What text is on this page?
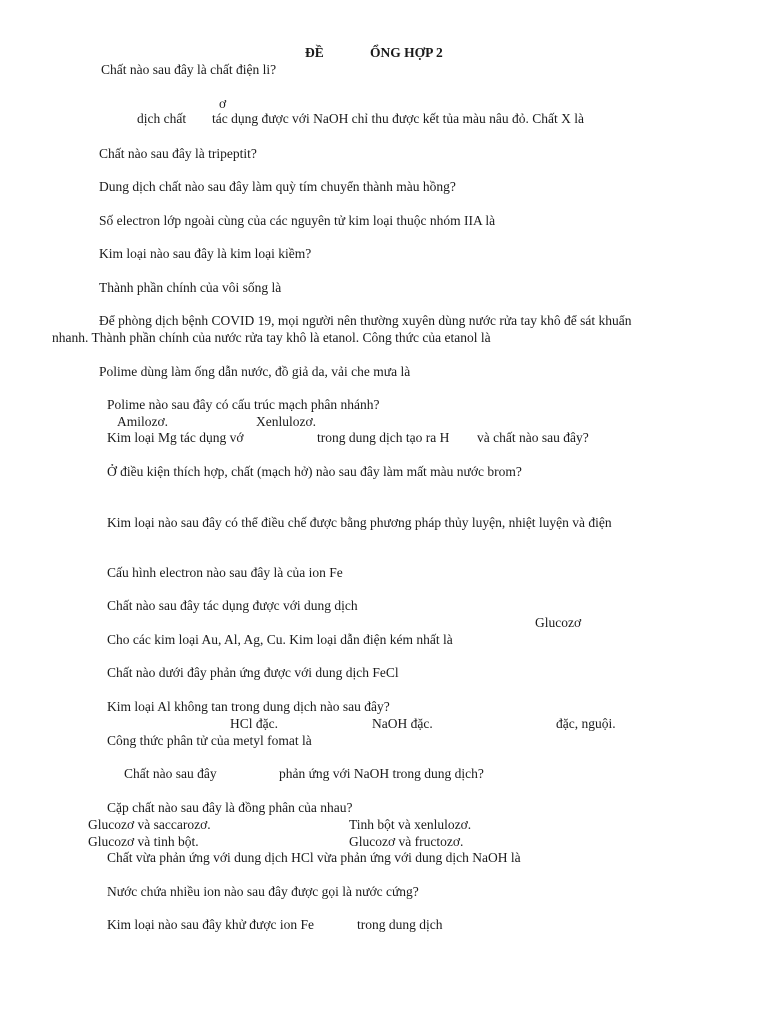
ĐỀ	ỔNG HỢP 2
Chất nào sau đây là chất điện li?
ơ
dịch chất tác dụng được với NaOH chỉ thu được kết tủa màu nâu đỏ. Chất X là
Chất nào sau đây là tripeptit?
Dung dịch chất nào sau đây làm quỳ tím chuyển thành màu hồng?
Số electron lớp ngoài cùng của các nguyên tử kim loại thuộc nhóm IIA là
Kim loại nào sau đây là kim loại kiềm?
Thành phần chính của vôi sống là
Để phòng dịch bệnh COVID 19, mọi người nên thường xuyên dùng nước rửa tay khô để sát khuẩn
nhanh. Thành phần chính của nước rửa tay khô là etanol. Công thức của etanol là
Polime dùng làm ống dẫn nước, đồ giả da, vải che mưa là
Polime nào sau đây có cấu trúc mạch phân nhánh?
Amilozơ.	Xenlulozơ.
Kim loại Mg tác dụng vớ	trong dung dịch tạo ra H và chất nào sau đây?
Ở điều kiện thích hợp, chất (mạch hở) nào sau đây làm mất màu nước brom?
Kim loại nào sau đây có thể điều chế được bằng phương pháp thủy luyện, nhiệt luyện và điện
Cấu hình electron nào sau đây là của ion Fe
Chất nào sau đây tác dụng được với dung dịch
Glucozơ
Cho các kim loại Au, Al, Ag, Cu. Kim loại dẫn điện kém nhất là
Chất nào dưới đây phản ứng được với dung dịch FeCl
Kim loại Al không tan trong dung dịch nào sau đây?
HCl đặc.	NaOH đặc.	đặc, nguội.
Công thức phân tử của metyl fomat là
Chất nào sau đây	phản ứng với NaOH trong dung dịch?
Cặp chất nào sau đây là đồng phân của nhau?
Glucozơ và saccarozơ.	Tinh bột và xenlulozơ.
Glucozơ và tinh bột.	Glucozơ và fructozơ.
Chất vừa phản ứng với dung dịch HCl vừa phản ứng với dung dịch NaOH là
Nước chứa nhiều ion nào sau đây được gọi là nước cứng?
Kim loại nào sau đây khử được ion Fe	trong dung dịch
